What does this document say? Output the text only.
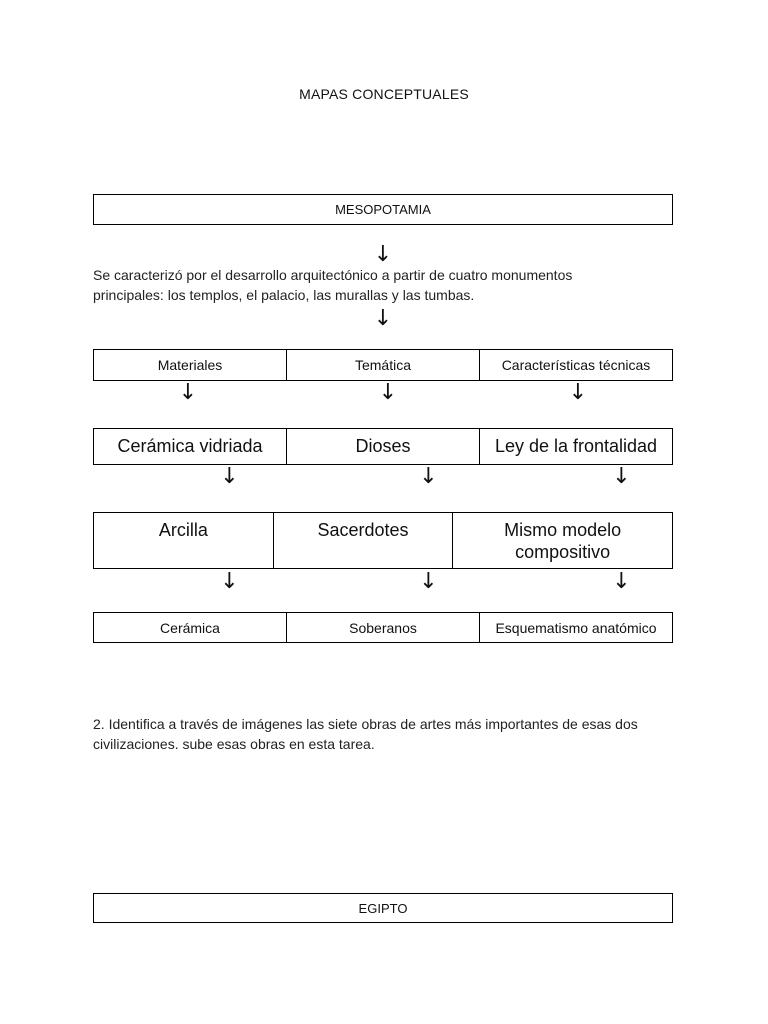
MAPAS CONCEPTUALES
MESOPOTAMIA
↓
Se caracterizó por el desarrollo arquitectónico a partir de cuatro monumentos
principales: los templos, el palacio, las murallas y las tumbas.
↓
Materiales	Temática	Características técnicas
↓	↓	↓
Cerámica vidriada	Dioses	Ley de la frontalidad
↓	↓	↓
Arcilla	Sacerdotes	Mismo modelo compositivo
↓	↓	↓
Cerámica	Soberanos	Esquematismo anatómico
2. Identifica a través de imágenes las siete obras de artes más importantes de esas dos
civilizaciones. sube esas obras en esta tarea.
EGIPTO
